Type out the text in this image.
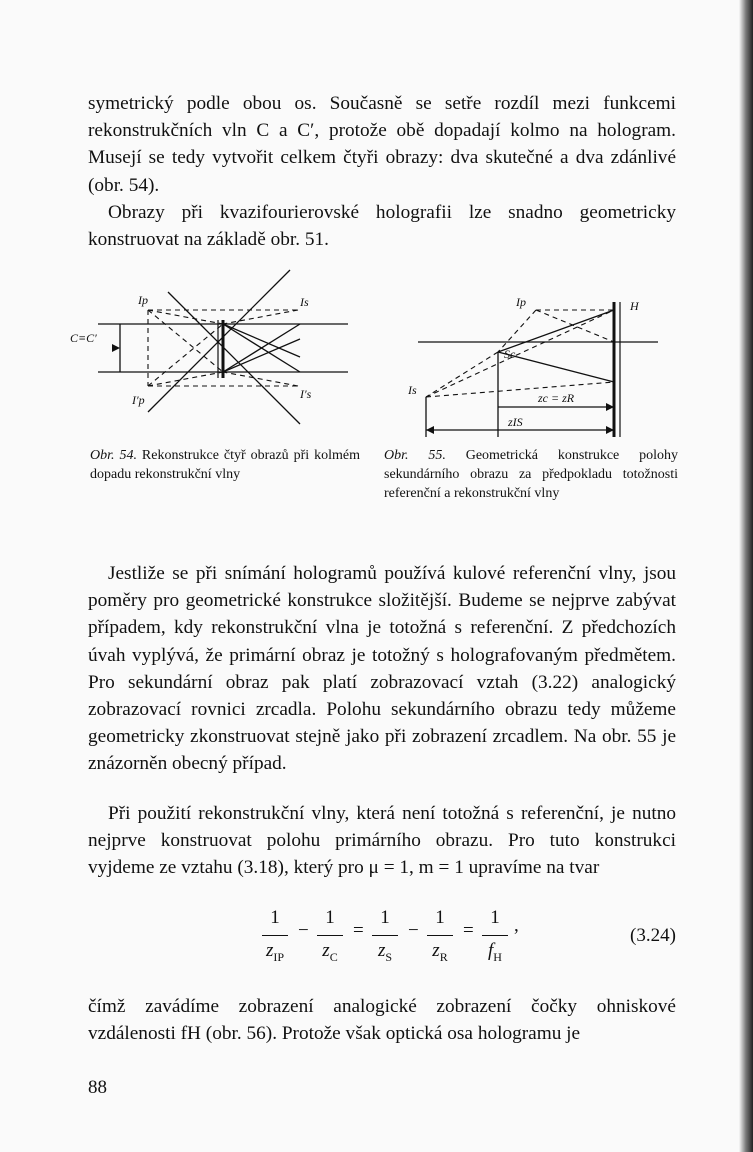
symetrický podle obou os. Současně se setře rozdíl mezi funkcemi rekonstrukčních vln C a C′, protože obě dopadají kolmo na hologram. Musejí se tedy vytvořit celkem čtyři obrazy: dva skutečné a dva zdánlivé (obr. 54).

Obrazy při kvazifourierovské holografii lze snadno geometricky konstruovat na základě obr. 51.

Ip	Is
I′p	I′s
C≡C′
Ip	H
Sc
Is
zc = zR
zIS

Obr. 54. Rekonstrukce čtyř obrazů při kolmém dopadu rekonstrukční vlny

Obr. 55. Geometrická konstrukce polohy sekundárního obrazu za předpokladu totožnosti referenční a rekonstrukční vlny

Jestliže se při snímání hologramů používá kulové referenční vlny, jsou poměry pro geometrické konstrukce složitější. Budeme se nejprve zabývat případem, kdy rekonstrukční vlna je totožná s referenční. Z předchozích úvah vyplývá, že primární obraz je totožný s holografovaným předmětem. Pro sekundární obraz pak platí zobrazovací vztah (3.22) analogický zobrazovací rovnici zrcadla. Polohu sekundárního obrazu tedy můžeme geometricky zkonstruovat stejně jako při zobrazení zrcadlem. Na obr. 55 je znázorněn obecný případ.

Při použití rekonstrukční vlny, která není totožná s referenční, je nutno nejprve konstruovat polohu primárního obrazu. Pro tuto konstrukci vyjdeme ze vztahu (3.18), který pro μ = 1, m = 1 upravíme na tvar

1
$z_{IP}$
−
1
$z_C$
=
1
$z_S$
−
1
$z_R$
=
1
$f_H$
,	(3.24)

čímž zavádíme zobrazení analogické zobrazení čočky ohniskové vzdálenosti fH (obr. 56). Protože však optická osa hologramu je

88
